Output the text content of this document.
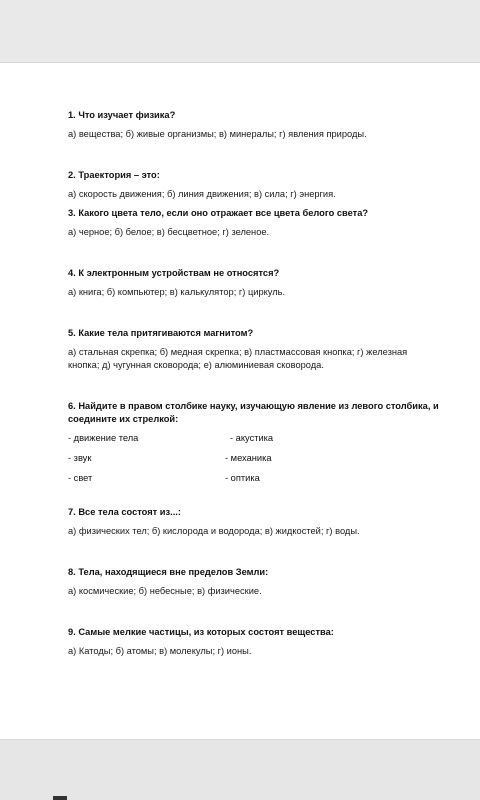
1. Что изучает физика?
а) вещества; б) живые организмы; в) минералы; г) явления природы.
2. Траектория – это:
а) скорость движения; б) линия движения; в) сила; г) энергия.
3. Какого цвета тело, если оно отражает все цвета белого света?
а) черное; б) белое; в) бесцветное; г) зеленое.
4. К электронным устройствам не относятся?
а) книга; б) компьютер; в) калькулятор; г) циркуль.
5. Какие тела притягиваются магнитом?
а) стальная скрепка; б) медная скрепка; в) пластмассовая кнопка; г) железная
кнопка; д) чугунная сковорода; е) алюминиевая сковорода.
6. Найдите в правом столбике науку, изучающую явление из левого столбика, и
соедините их стрелкой:
- движение тела	- акустика
- звук	- механика
- свет	- оптика
7. Все тела состоят из...:
а) физических тел; б) кислорода и водорода; в) жидкостей; г) воды.
8. Тела, находящиеся вне пределов Земли:
а) космические; б) небесные; в) физические.
9. Самые мелкие частицы, из которых состоят вещества:
а) Катоды; б) атомы; в) молекулы; г) ионы.
